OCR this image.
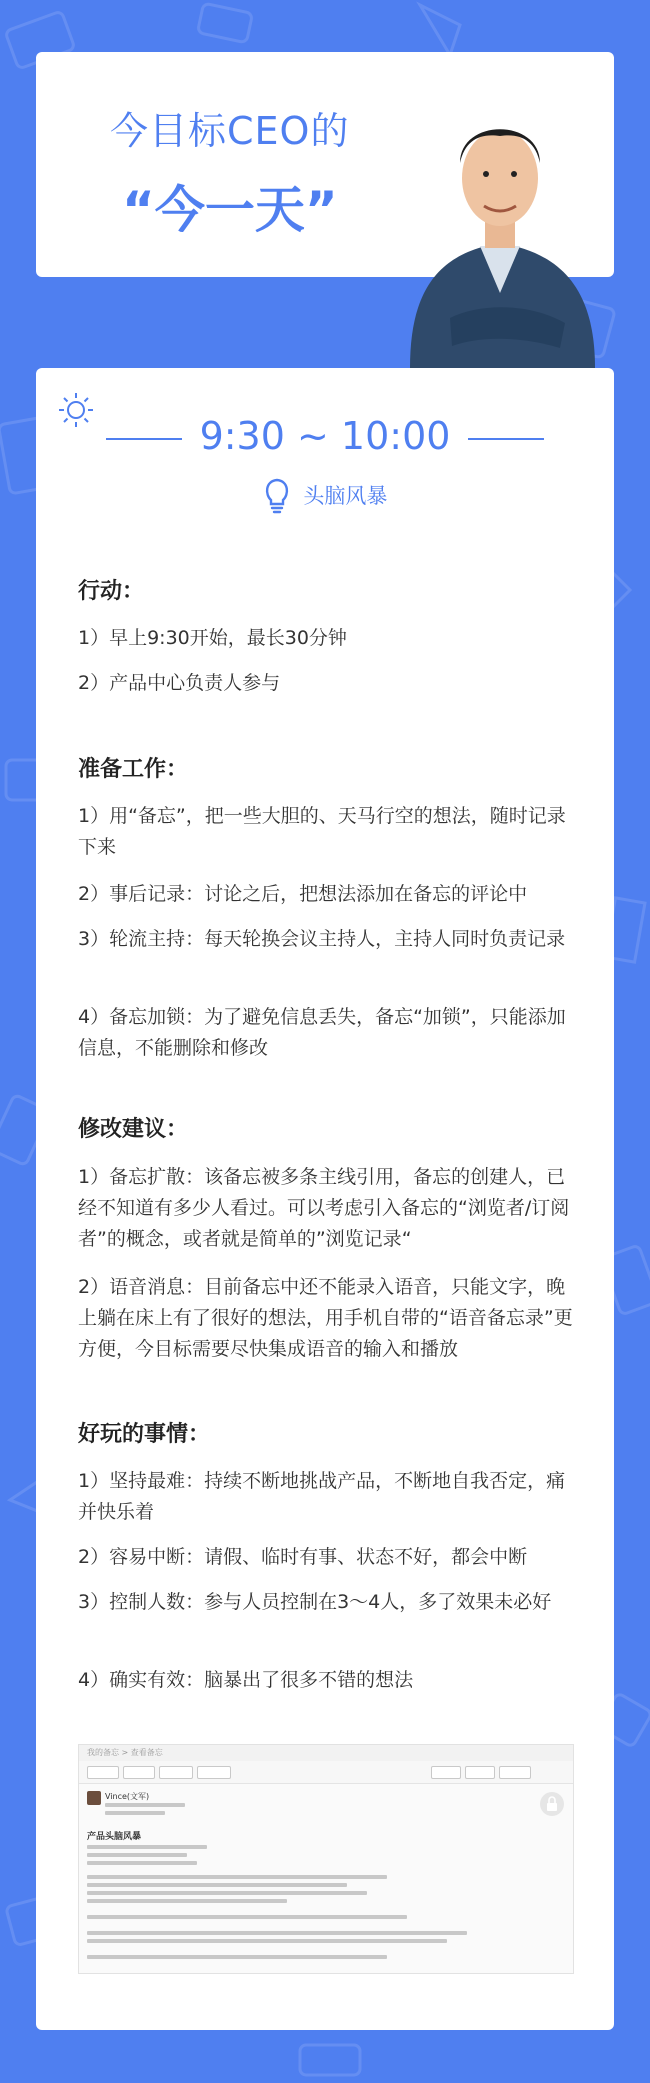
今目标CEO的
“今一天”
9:30 ~ 10:00
头脑风暴
行动：
1）早上9:30开始，最长30分钟
2）产品中心负责人参与
准备工作：
1）用“备忘”，把一些大胆的、天马行空的想法，随时记录下来
2）事后记录：讨论之后，把想法添加在备忘的评论中
3）轮流主持：每天轮换会议主持人，主持人同时负责记录
4）备忘加锁：为了避免信息丢失，备忘“加锁”，只能添加信息，不能删除和修改
修改建议：
1）备忘扩散：该备忘被多条主线引用，备忘的创建人，已经不知道有多少人看过。可以考虑引入备忘的“浏览者/订阅者”的概念，或者就是简单的”浏览记录“
2）语音消息：目前备忘中还不能录入语音，只能文字，晚上躺在床上有了很好的想法，用手机自带的“语音备忘录”更方便，今目标需要尽快集成语音的输入和播放
好玩的事情：
1）坚持最难：持续不断地挑战产品，不断地自我否定，痛并快乐着
2）容易中断：请假、临时有事、状态不好，都会中断
3）控制人数：参与人员控制在3～4人，多了效果未必好
4）确实有效：脑暴出了很多不错的想法
我的备忘 > 查看备忘
Vince(文军)
产品头脑风暴
